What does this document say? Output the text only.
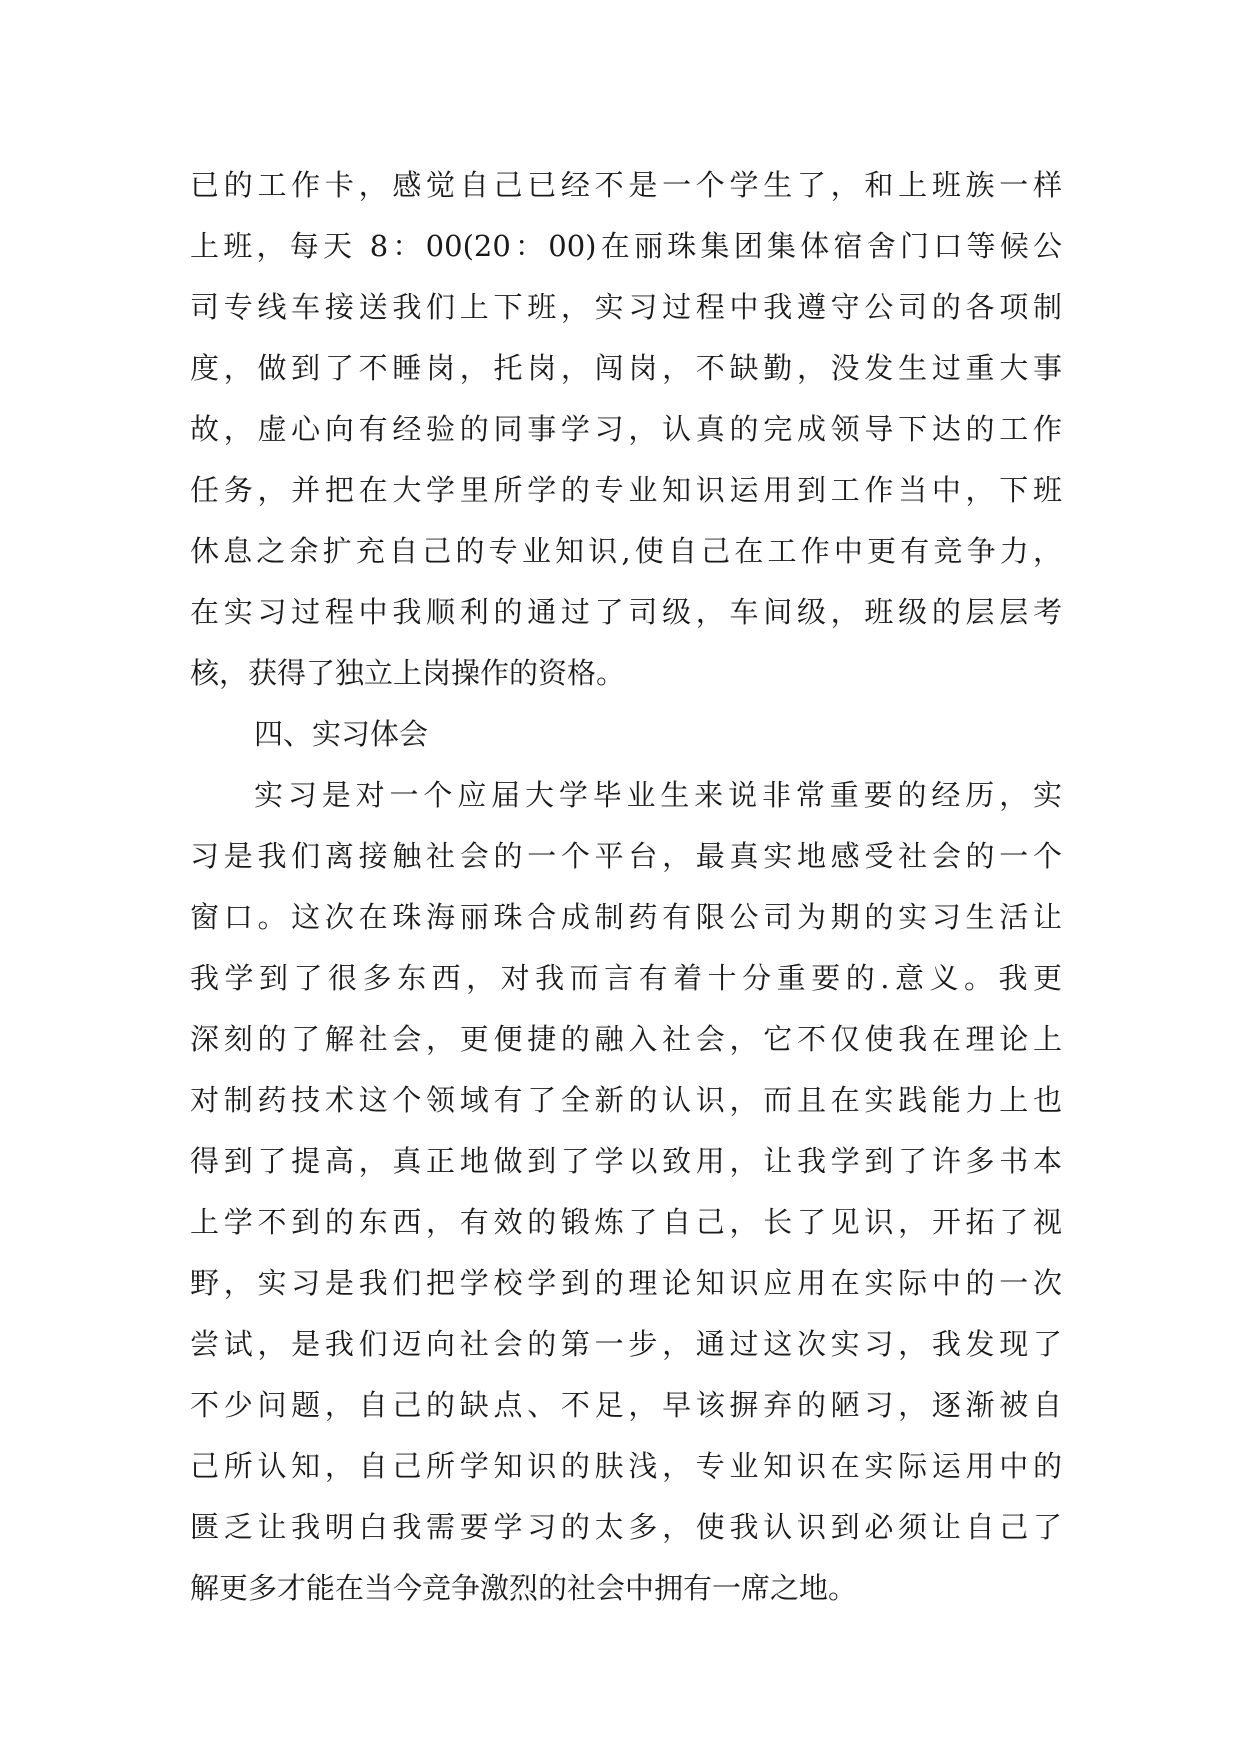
已的工作卡，感觉自己已经不是一个学生了，和上班族一样
上班，每天 8：00(20：00)在丽珠集团集体宿舍门口等候公
司专线车接送我们上下班，实习过程中我遵守公司的各项制
度，做到了不睡岗，托岗，闯岗，不缺勤，没发生过重大事
故，虚心向有经验的同事学习，认真的完成领导下达的工作
任务，并把在大学里所学的专业知识运用到工作当中，下班
休息之余扩充自己的专业知识,使自己在工作中更有竞争力，
在实习过程中我顺利的通过了司级，车间级，班级的层层考
核，获得了独立上岗操作的资格。
四、实习体会
实习是对一个应届大学毕业生来说非常重要的经历，实
习是我们离接触社会的一个平台，最真实地感受社会的一个
窗口。这次在珠海丽珠合成制药有限公司为期的实习生活让
我学到了很多东西，对我而言有着十分重要的.意义。我更
深刻的了解社会，更便捷的融入社会，它不仅使我在理论上
对制药技术这个领域有了全新的认识，而且在实践能力上也
得到了提高，真正地做到了学以致用，让我学到了许多书本
上学不到的东西，有效的锻炼了自己，长了见识，开拓了视
野，实习是我们把学校学到的理论知识应用在实际中的一次
尝试，是我们迈向社会的第一步，通过这次实习，我发现了
不少问题，自己的缺点、不足，早该摒弃的陋习，逐渐被自
己所认知，自己所学知识的肤浅，专业知识在实际运用中的
匮乏让我明白我需要学习的太多，使我认识到必须让自己了
解更多才能在当今竞争激烈的社会中拥有一席之地。
